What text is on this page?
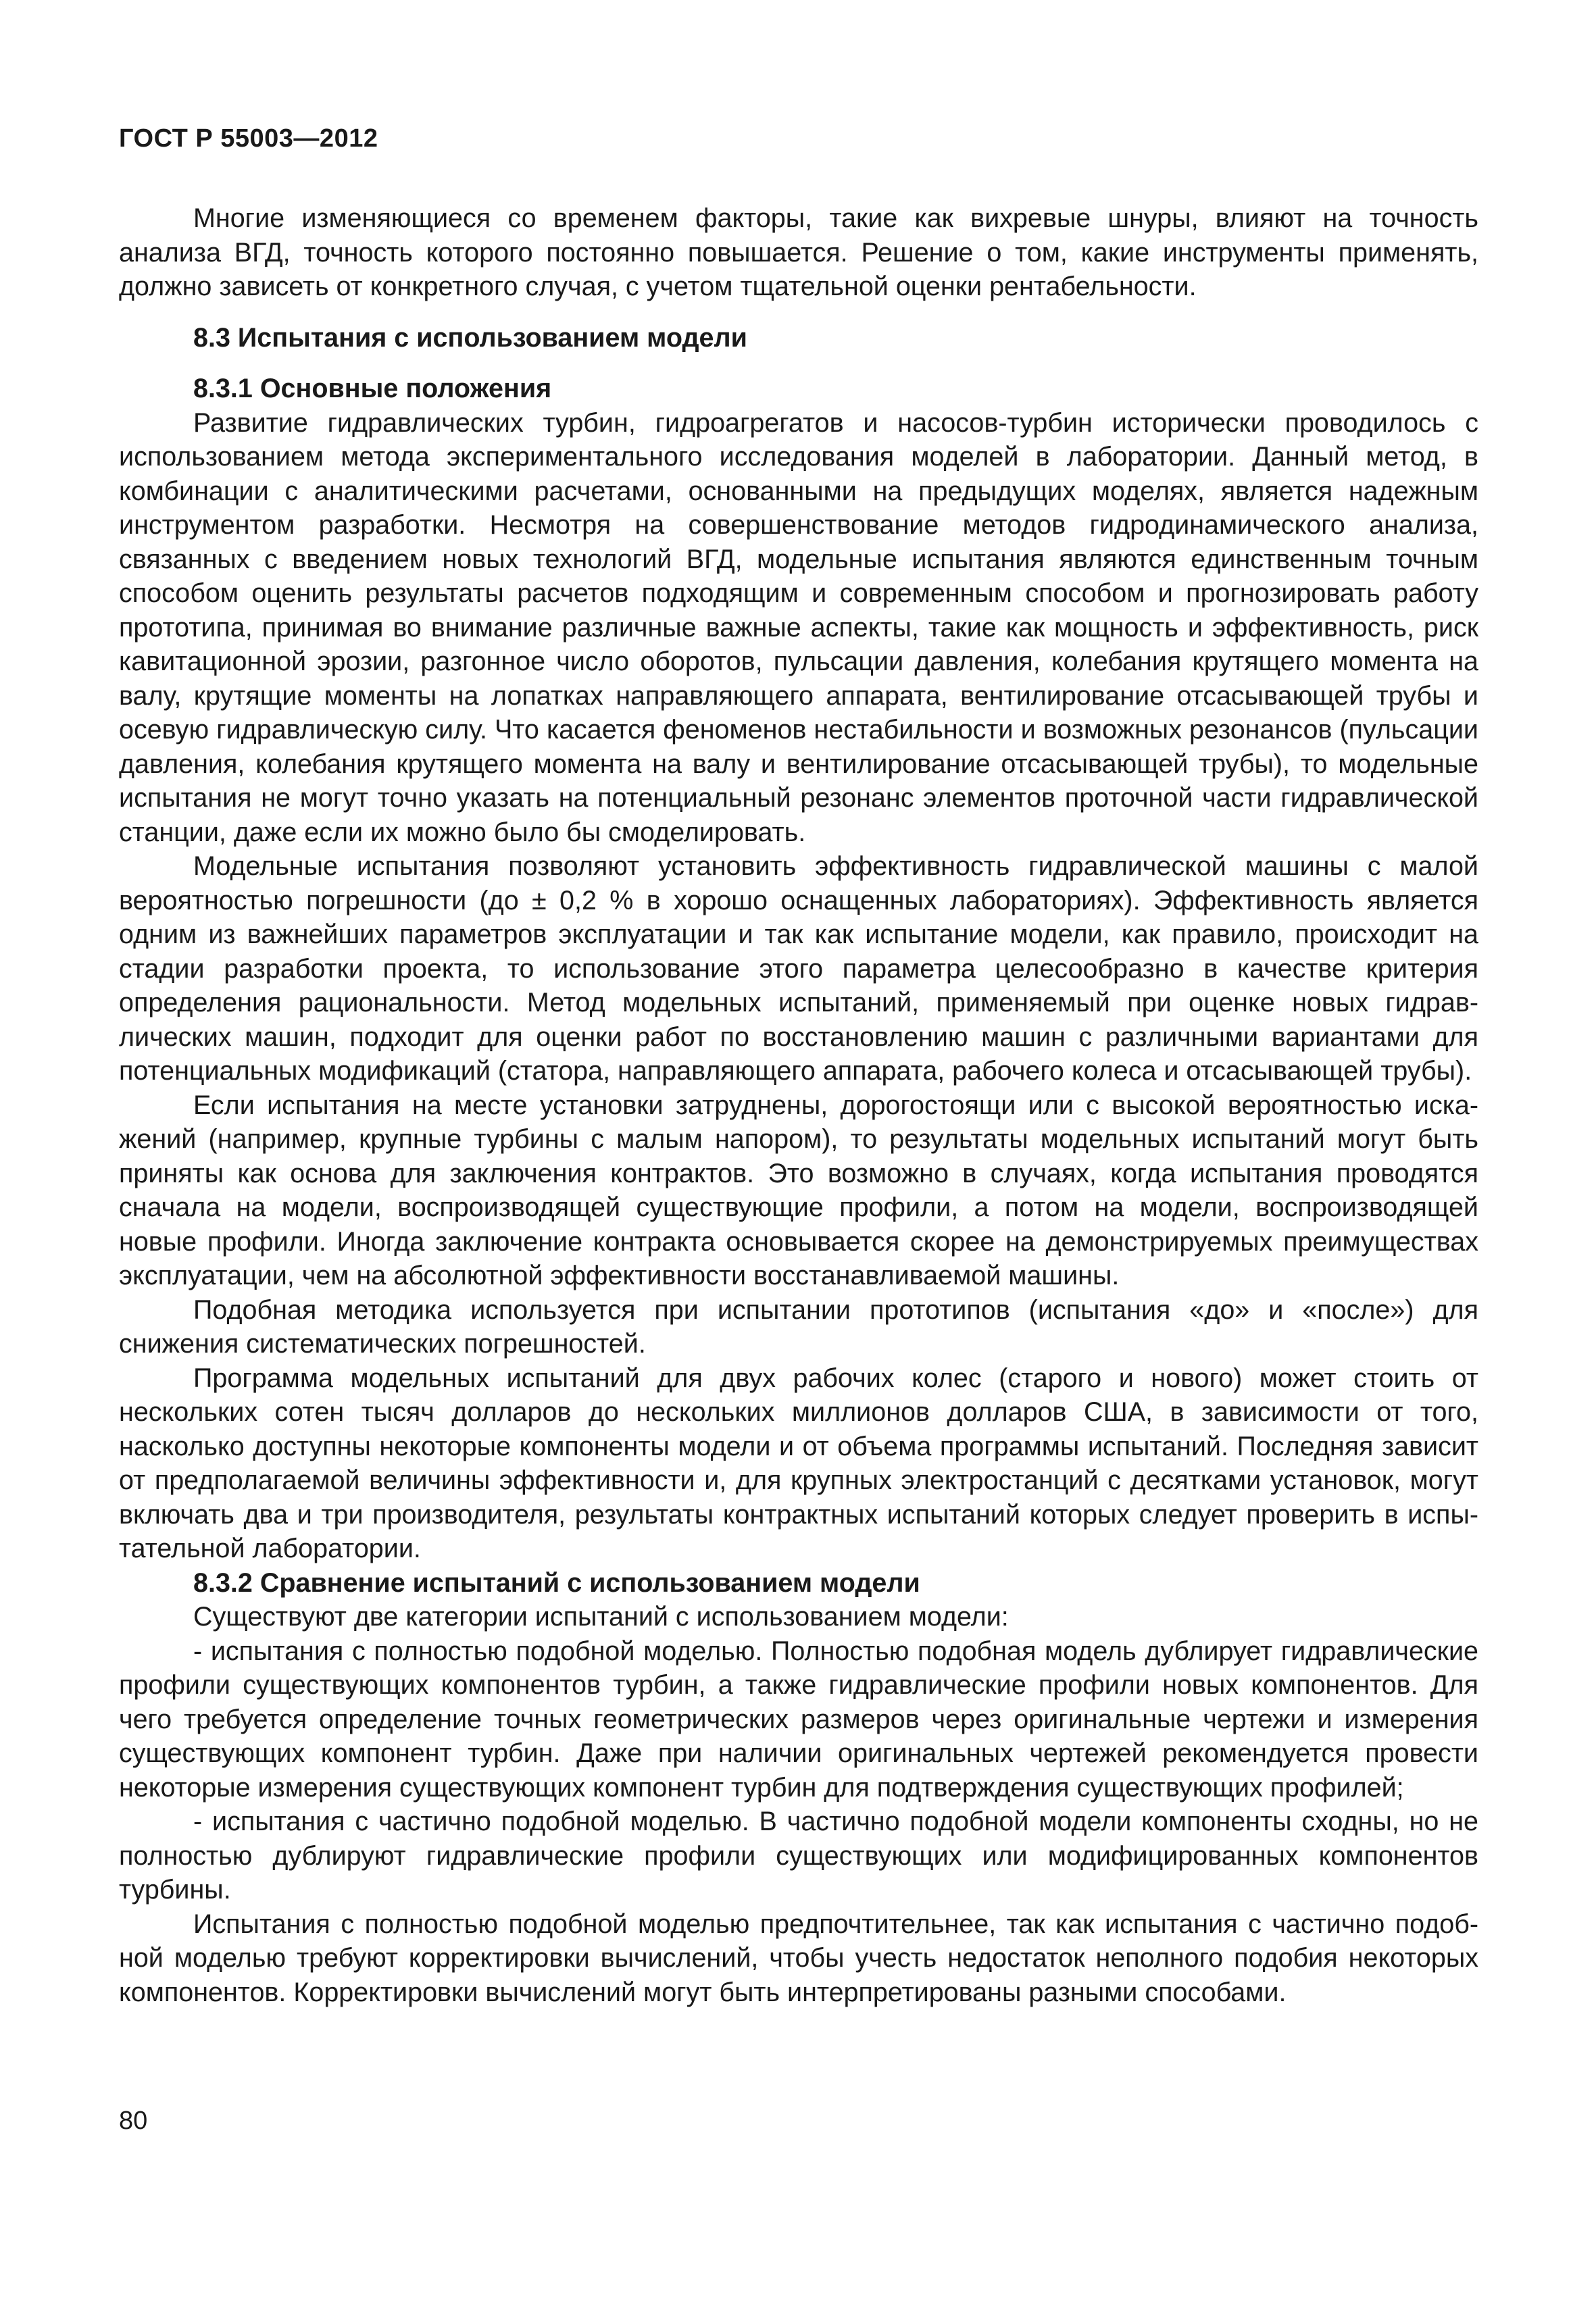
ГОСТ Р 55003—2012

Многие изменяющиеся со временем факторы, такие как вихревые шнуры, влияют на точность анализа ВГД, точность которого постоянно повышается. Решение о том, какие инструменты применять, должно зависеть от конкретного случая, с учетом тщательной оценки рентабельности.

8.3 Испытания с использованием модели
8.3.1 Основные положения

Развитие гидравлических турбин, гидроагрегатов и насосов-турбин исторически проводилось с использованием метода экспериментального исследования моделей в лаборатории. Данный метод, в комбинации с аналитическими расчетами, основанными на предыдущих моделях, является надежным инструментом разработки. Несмотря на совершенствование методов гидродинамического анализа, связанных с введением новых технологий ВГД, модельные испытания являются единственным точным способом оценить результаты расчетов подходящим и современным способом и прогнозировать работу прототипа, принимая во внимание различные важные аспекты, такие как мощность и эффективность, риск кавитационной эрозии, разгонное число оборотов, пульсации давления, колебания крутящего момента на валу, крутящие моменты на лопатках направляющего аппарата, вентилирование отсасывающей трубы и осевую гидравлическую силу. Что касается феноменов нестабильности и возможных резонансов (пульсации давления, колебания крутящего момента на валу и вентилирование отсасывающей трубы), то модельные испытания не могут точно указать на потенциальный резонанс элементов проточной части гидравлической станции, даже если их можно было бы смоделировать.

Модельные испытания позволяют установить эффективность гидравлической машины с малой вероятностью погрешности (до ± 0,2 % в хорошо оснащенных лабораториях). Эффективность является одним из важнейших параметров эксплуатации и так как испытание модели, как правило, происходит на стадии разработки проекта, то использование этого параметра целесообразно в качестве критерия определения рациональности. Метод модельных испытаний, применяемый при оценке новых гидравлических машин, подходит для оценки работ по восстановлению машин с различными вариантами для потенциальных модификаций (статора, направляющего аппарата, рабочего колеса и отсасывающей трубы).

Если испытания на месте установки затруднены, дорогостоящи или с высокой вероятностью искажений (например, крупные турбины с малым напором), то результаты модельных испытаний могут быть приняты как основа для заключения контрактов. Это возможно в случаях, когда испытания проводятся сначала на модели, воспроизводящей существующие профили, а потом на модели, воспроизводящей новые профили. Иногда заключение контракта основывается скорее на демонстрируемых преимуществах эксплуатации, чем на абсолютной эффективности восстанавливаемой машины.

Подобная методика используется при испытании прототипов (испытания «до» и «после») для снижения систематических погрешностей.

Программа модельных испытаний для двух рабочих колес (старого и нового) может стоить от нескольких сотен тысяч долларов до нескольких миллионов долларов США, в зависимости от того, насколько доступны некоторые компоненты модели и от объема программы испытаний. Последняя зависит от предполагаемой величины эффективности и, для крупных электростанций с десятками установок, могут включать два и три производителя, результаты контрактных испытаний которых следует проверить в испытательной лаборатории.

8.3.2 Сравнение испытаний с использованием модели

Существуют две категории испытаний с использованием модели:

- испытания с полностью подобной моделью. Полностью подобная модель дублирует гидравлические профили существующих компонентов турбин, а также гидравлические профили новых компонентов. Для чего требуется определение точных геометрических размеров через оригинальные чертежи и измерения существующих компонент турбин. Даже при наличии оригинальных чертежей рекомендуется провести некоторые измерения существующих компонент турбин для подтверждения существующих профилей;

- испытания с частично подобной моделью. В частично подобной модели компоненты сходны, но не полностью дублируют гидравлические профили существующих или модифицированных компонентов турбины.

Испытания с полностью подобной моделью предпочтительнее, так как испытания с частично подобной моделью требуют корректировки вычислений, чтобы учесть недостаток неполного подобия некоторых компонентов. Корректировки вычислений могут быть интерпретированы разными способами.

80
